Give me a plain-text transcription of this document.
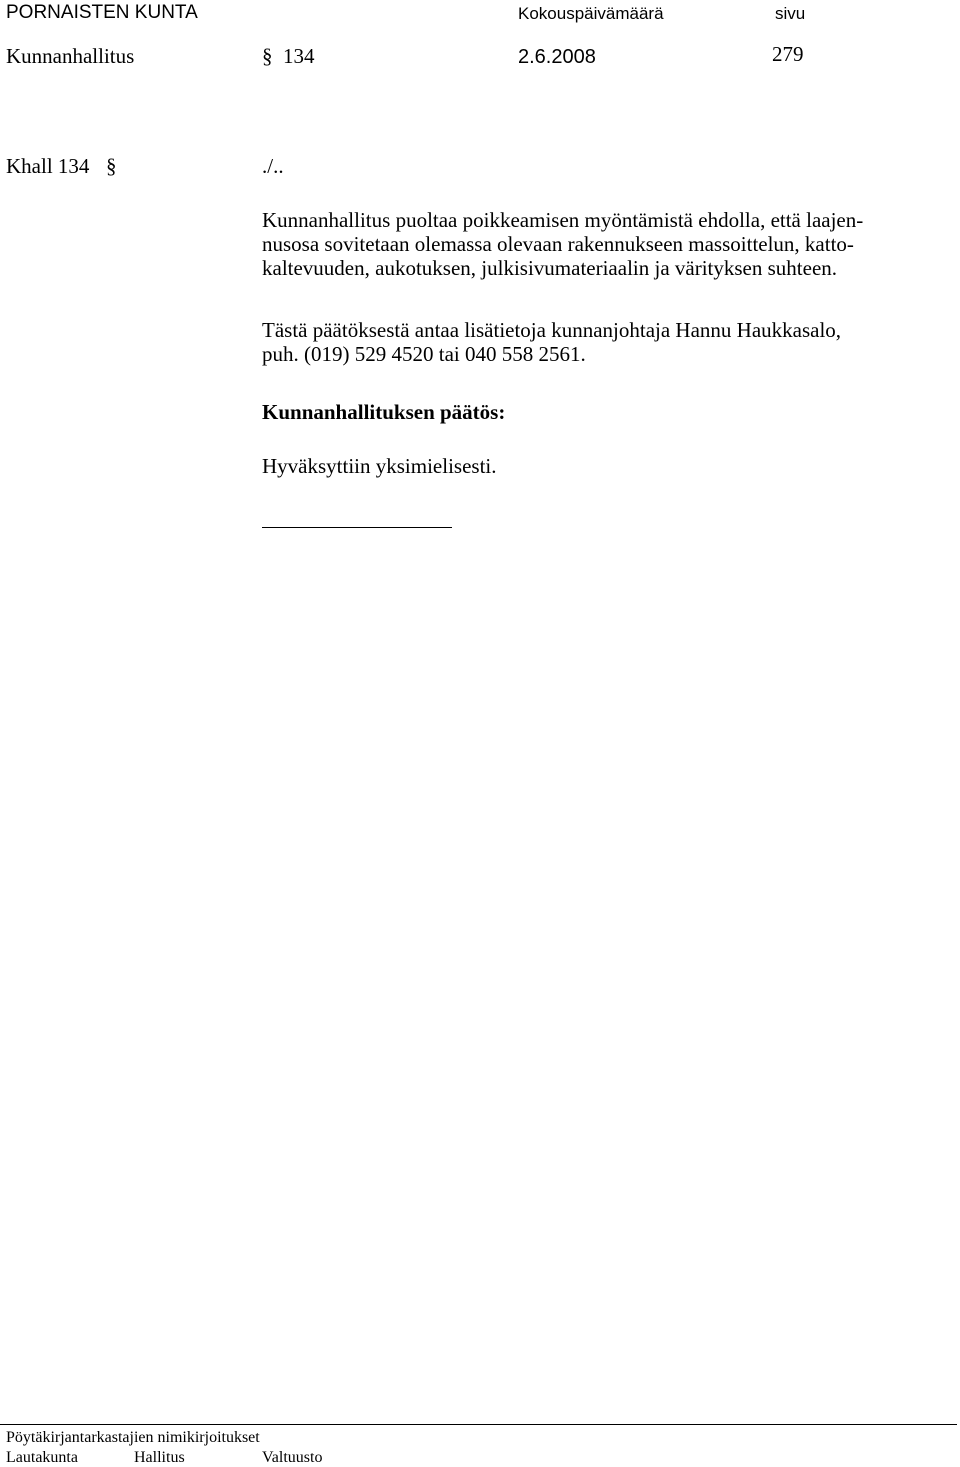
PORNAISTEN KUNTA	Kokouspäivämäärä	sivu
Kunnanhallitus	§ 134	2.6.2008	279
Khall 134 §	./..
Kunnanhallitus puoltaa poikkeamisen myöntämistä ehdolla, että laajen-
nusosa sovitetaan olemassa olevaan rakennukseen massoittelun, katto-
kaltevuuden, aukotuksen, julkisivumateriaalin ja värityksen suhteen.
Tästä päätöksestä antaa lisätietoja kunnanjohtaja Hannu Haukkasalo,
puh. (019) 529 4520 tai 040 558 2561.
Kunnanhallituksen päätös:
Hyväksyttiin yksimielisesti.
Pöytäkirjantarkastajien nimikirjoitukset
Lautakunta	Hallitus	Valtuusto
